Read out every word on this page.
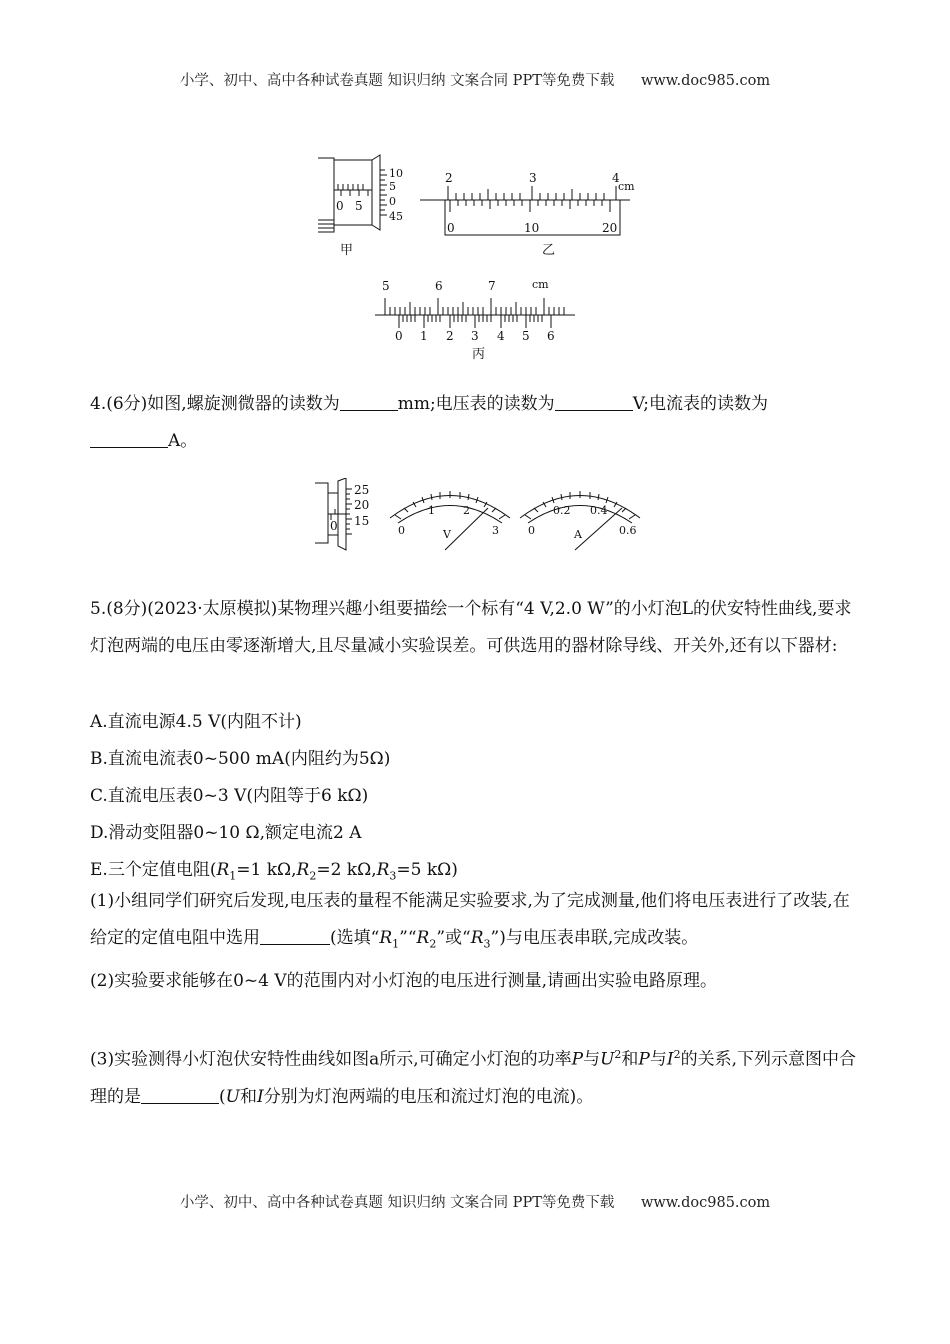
小学、初中、高中各种试卷真题 知识归纳 文案合同 PPT等免费下载 www.doc985.com
0 5
10
5
0
45
甲
2	3	4
cm
0	10	20
乙
5	6	7	cm
0 1 2 3 4 5 6
丙
4.(6分)如图,螺旋测微器的读数为	mm;电压表的读数为	V;电流表的读数为
A。
25
20
15
0	0
1	2
3
V	0
0.2 0.4
0.6
A
5.(8分)(2023·太原模拟)某物理兴趣小组要描绘一个标有“4 V,2.0 W”的小灯泡L的伏安特性曲线,要求灯泡两端的电压由零逐渐增大,且尽量减小实验误差。可供选用的器材除导线、开关外,还有以下器材:
A.直流电源4.5 V(内阻不计)
B.直流电流表0~500 mA(内阻约为5Ω)
C.直流电压表0~3 V(内阻等于6 kΩ)
D.滑动变阻器0~10 Ω,额定电流2 A
E.三个定值电阻($R_1=1$ $k\Omega,R_2=2$ $k\Omega,R_3=5$ kΩ)
(1)小组同学们研究后发现,电压表的量程不能满足实验要求,为了完成测量,他们将电压表进行了改装,在给定的定值电阻中选用	(选填“$R_1”“R_2$”或“$R_3$”)与电压表串联,完成改装。
(2)实验要求能够在0~4 V的范围内对小灯泡的电压进行测量,请画出实验电路原理。
(3)实验测得小灯泡伏安特性曲线如图a所示,可确定小灯泡的功率P与$U^2$和P与$I^2$的关系,下列示意图中合理的是	(U和I分别为灯泡两端的电压和流过灯泡的电流)。
小学、初中、高中各种试卷真题 知识归纳 文案合同 PPT等免费下载 www.doc985.com
